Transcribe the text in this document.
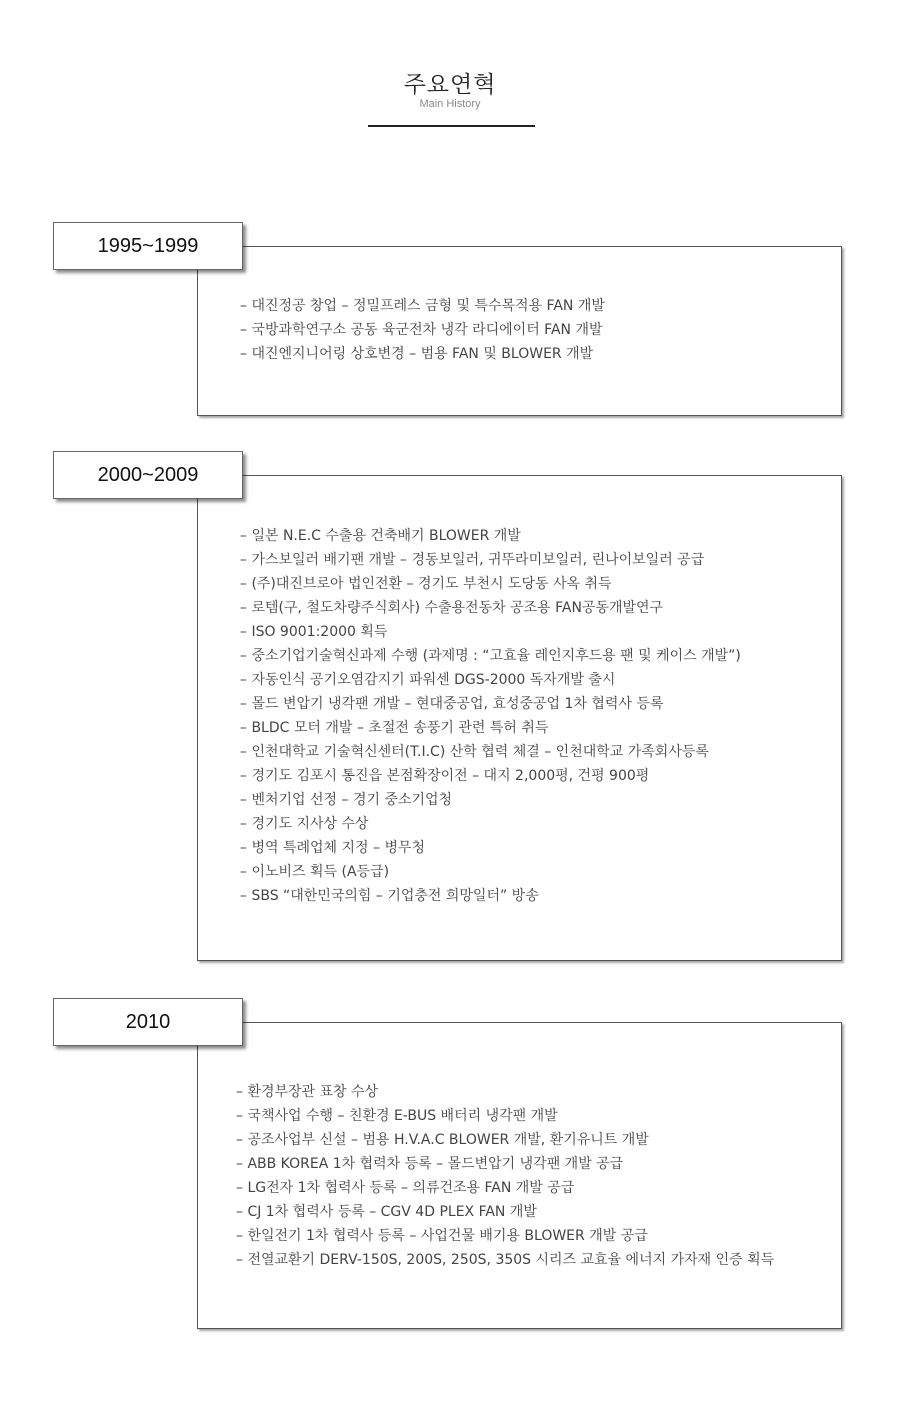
주요연혁
Main History
1995~1999
– 대진정공 창업 – 정밀프레스 금형 및 특수목적용 FAN 개발
– 국방과학연구소 공동 육군전차 냉각 라디에이터 FAN 개발
– 대진엔지니어링 상호변경 – 범용 FAN 및 BLOWER 개발
2000~2009
– 일본 N.E.C 수출용 건축배기 BLOWER 개발
– 가스보일러 배기팬 개발 – 경동보일러, 귀뚜라미보일러, 린나이보일러 공급
– (주)대진브로아 법인전환 – 경기도 부천시 도당동 사옥 취득
– 로템(구, 철도차량주식회사) 수출용전동차 공조용 FAN공동개발연구
– ISO 9001:2000 획득
– 중소기업기술혁신과제 수행 (과제명 : “고효율 레인지후드용 팬 및 케이스 개발”)
– 자동인식 공기오염감지기 파워센 DGS-2000 독자개발 출시
– 몰드 변압기 냉각팬 개발 – 현대중공업, 효성중공업 1차 협력사 등록
– BLDC 모터 개발 – 초절전 송풍기 관련 특허 취득
– 인천대학교 기술혁신센터(T.I.C) 산학 협력 체결 – 인천대학교 가족회사등록
– 경기도 김포시 통진읍 본점확장이전 – 대지 2,000평, 건평 900평
– 벤처기업 선정 – 경기 중소기업청
– 경기도 지사상 수상
– 병역 특례업체 지정 – 병무청
– 이노비즈 획득 (A등급)
– SBS “대한민국의힘 – 기업충전 희망일터” 방송
2010
– 환경부장관 표창 수상
– 국책사업 수행 – 친환경 E-BUS 배터리 냉각팬 개발
– 공조사업부 신설 – 범용 H.V.A.C BLOWER 개발, 환기유니트 개발
– ABB KOREA 1차 협력차 등록 – 몰드변압기 냉각팬 개발 공급
– LG전자 1차 협력사 등록 – 의류건조용 FAN 개발 공급
– CJ 1차 협력사 등록 – CGV 4D PLEX FAN 개발
– 한일전기 1차 협력사 등록 – 사업건물 배기용 BLOWER 개발 공급
– 전열교환기 DERV-150S, 200S, 250S, 350S 시리즈 교효율 에너지 가자재 인증 획득
